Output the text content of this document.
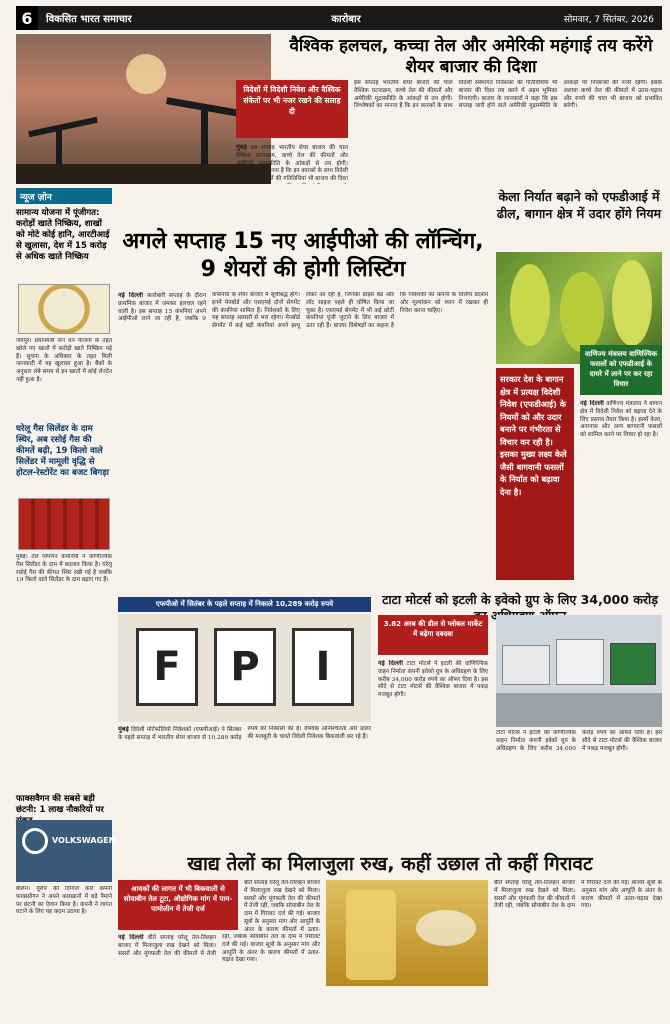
6	विकसित भारत समाचार	कारोबार	सोमवार, 7 सितंबर, 2026
वैश्विक हलचल, कच्चा तेल और अमेरिकी महंगाई तय करेंगे शेयर बाजार की दिशा
विदेशों में विदेशी निवेश और वैश्विक संकेतों पर भी नजर रखने की सलाह दी
मुंबई इस सप्ताह भारतीय शेयर बाजार की चाल वैश्विक घटनाक्रम, कच्चे तेल की कीमतों और अमेरिकी मुद्रास्फीति के आंकड़ों से तय होगी। विश्लेषकों का मानना है कि इन कारकों के साथ विदेशी संस्थागत निवेशकों की गतिविधियां भी बाजार की दिशा
इस सप्ताह भारतीय शेयर बाजार की चाल वैश्विक घटनाक्रम, कच्चे तेल की कीमतों और अमेरिकी मुद्रास्फीति के आंकड़ों से तय होगी। विश्लेषकों का मानना है कि इन कारकों के साथ विदेशी संस्थागत निवेशकों की गतिविधियां भी बाजार की दिशा तय करने में अहम भूमिका निभाएंगी। बाजार के जानकारों ने कहा कि इस सप्ताह जारी होने वाले अमेरिकी मुद्रास्फीति के आंकड़ों पर निवेशकों की नजर रहेगी। इसके अलावा कच्चे तेल की कीमतों में उतार-चढ़ाव और रुपये की चाल भी बाजार को प्रभावित करेगी।
न्यूज ज़ोन
सामान्य योजना में पूंजीगत: करोड़ों खाते निष्क्रिय, शाखों को मोटे कोई हानि, आरटीआई से खुलासा, देश में 15 करोड़ से अधिक खाते निष्क्रिय
जयपुर। प्रधानमंत्री जन धन योजना के तहत खोले गए खातों में करोड़ों खाते निष्क्रिय पड़े हैं। सूचना के अधिकार के तहत मिली जानकारी में यह खुलासा हुआ है। बैंकों के अनुसार लंबे समय से इन खातों में कोई लेनदेन नहीं हुआ है।
घरेलू गैस सिलेंडर के दाम स्थिर, अब रसोई गैस की कीमतें बढ़ी, 19 किलो वाले सिलेंडर में मामूली वृद्धि से होटल-रेस्टोरेंट का बजट बिगड़ा
मुंबई। तेल विपणन कंपनियों ने वाणिज्यिक गैस सिलेंडर के दाम में बदलाव किया है। घरेलू रसोई गैस की कीमत स्थिर रखी गई है जबकि 19 किलो वाले सिलेंडर के दाम बढ़ाए गए हैं।
फाक्सवैगन की सबसे बड़ी छंटनी: 1 लाख नौकरियों पर
VOLKSWAGEN
बर्लिन। यूरोप की दिग्गज कार कंपनी फाक्सवैगन ने अपने कारखानों में बड़े पैमाने पर छंटनी का ऐलान किया है। कंपनी ने लागत घटाने के लिए यह कदम उठाया है।
अगले सप्ताह 15 नए आईपीओ की लॉन्चिंग, 9 शेयरों की होगी लिस्टिंग
नई दिल्ली कारोबारी सप्ताह के दौरान प्राथमिक बाजार में जमकर हलचल रहने वाली है। इस सप्ताह 15 कंपनियां अपने आईपीओ लाने जा रही हैं, जबकि 9 कंपनियों के शेयर बाजार में सूचीबद्ध होंगे। इनमें मेनबोर्ड और एसएमई दोनों सेगमेंट की कंपनियां शामिल हैं। निवेशकों के लिए यह सप्ताह अवसरों से भरा रहेगा। मेनबोर्ड सेगमेंट में कई बड़ी कंपनियां अपने इश्यू लेकर आ रही हैं, जिनका प्राइस बैंड और लॉट साइज पहले ही घोषित किया जा चुका है। एसएमई सेगमेंट में भी कई छोटी कंपनियां पूंजी जुटाने के लिए बाजार में उतर रही हैं। बाजार विशेषज्ञों का कहना है कि निवेशकों को कंपनी के वित्तीय प्रदर्शन और मूल्यांकन को ध्यान में रखकर ही निवेश करना चाहिए।
केला निर्यात बढ़ाने को एफडीआई में ढील, बागान क्षेत्र में उदार होंगे नियम
सरकार देश के बागान क्षेत्र में प्रत्यक्ष विदेशी निवेश (एफडीआई) के नियमों को और उदार बनाने पर गंभीरता से विचार कर रही है। इसका मुख्य लक्ष्य केले जैसी बागवानी फसलों के निर्यात को बढ़ावा देना है।
वाणिज्य मंत्रालय वाणिज्यिक फसलों को एफडीआई के दायरे में लाने पर कर रहा विचार
नई दिल्ली वाणिज्य मंत्रालय ने बागान क्षेत्र में विदेशी निवेश को बढ़ावा देने के लिए प्रस्ताव तैयार किया है। इसमें केला, अनानास और अन्य बागवानी फसलों को शामिल करने पर विचार हो रहा है।
एफपीओ में सितंबर के पहले सप्ताह में निकाले 10,289 करोड़ रुपये
F	P	I
मुंबई विदेशी पोर्टफोलियो निवेशकों (एफपीआई) ने सितंबर के पहले सप्ताह में भारतीय शेयर बाजार से 10,289 करोड़ रुपये की निकासी की है। वैश्विक अनिश्चितता और डॉलर की मजबूती के चलते विदेशी निवेशक बिकवाली कर रहे हैं।
टाटा मोटर्स को इटली के इवेको ग्रुप के लिए 34,000 करोड़
3.82 अरब की डील से ग्लोबल मार्केट में बढ़ेगा दबदबा
नई दिल्ली टाटा मोटर्स ने इटली की वाणिज्यिक वाहन निर्माता कंपनी इवेको ग्रुप के अधिग्रहण के लिए करीब 34,000 करोड़ रुपये का ऑफर दिया है। इस सौदे से टाटा मोटर्स की वैश्विक बाजार में पकड़ मजबूत होगी।
टाटा मोटर्स ने इटली की वाणिज्यिक वाहन निर्माता कंपनी इवेको ग्रुप के अधिग्रहण के लिए करीब 34,000 करोड़ रुपये का ऑफर दिया है। इस सौदे से टाटा मोटर्स की वैश्विक बाजार में पकड़ मजबूत होगी।
खाद्य तेलों का मिलाजुला रुख, कहीं उछाल तो कहीं गिरावट
आवकों की लागत में भी बिकवाली से सोयाबीन तेल टूटा, औद्योगिक मांग में पाम-पामोलीन में तेजी दर्ज
नई दिल्ली बीते सप्ताह घरेलू तेल-तिलहन बाजार में मिलाजुला रुख देखने को मिला। सरसों और मूंगफली तेल की कीमतों में तेजी रही, जबकि सोयाबीन तेल के दाम में गिरावट दर्ज की गई। बाजार सूत्रों के अनुसार मांग और आपूर्ति के अंतर के कारण कीमतों में उतार-चढ़ाव देखा गया।
बीते सप्ताह घरेलू तेल-तिलहन बाजार में मिलाजुला रुख देखने को मिला। सरसों और मूंगफली तेल की कीमतों में तेजी रही, जबकि सोयाबीन तेल के दाम में गिरावट दर्ज की गई। बाजार सूत्रों के अनुसार मांग और आपूर्ति के अंतर के कारण कीमतों में उतार-
बीते सप्ताह घरेलू तेल-तिलहन बाजार में मिलाजुला रुख देखने को मिला। सरसों और मूंगफली तेल की कीमतों में तेजी रही, जबकि सोयाबीन तेल के दाम में गिरावट दर्ज की गई। बाजार सूत्रों के अनुसार मांग और आपूर्ति के अंतर के कारण कीमतों में उतार-चढ़ाव देखा गया।
